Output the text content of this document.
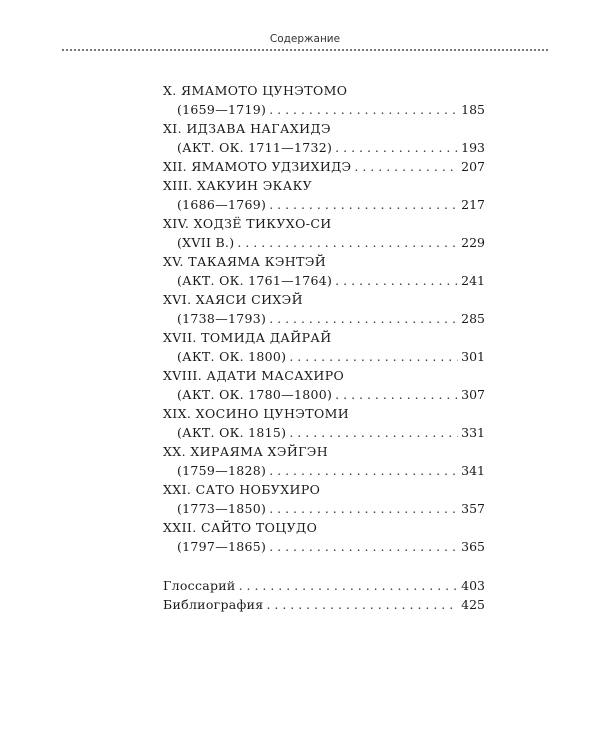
Содержание
X. ЯМАМОТО ЦУНЭТОМО
(1659—1719) . . .	185
XI. ИДЗАВА НАГАХИДЭ
(АКТ. ОК. 1711—1732) . . .	193
XII. ЯМАМОТО УДЗИХИДЭ . . .	207
XIII. ХАКУИН ЭКАКУ
(1686—1769) . . .	217
XIV. ХОДЗЁ ТИКУХО-СИ
(XVII В.) . . .	229
XV. ТАКАЯМА КЭНТЭЙ
(АКТ. ОК. 1761—1764) . . .	241
XVI. ХАЯСИ СИХЭЙ
(1738—1793) . . .	285
XVII. ТОМИДА ДАЙРАЙ
(АКТ. ОК. 1800) . . .	301
XVIII. АДАТИ МАСАХИРО
(АКТ. ОК. 1780—1800) . . .	307
XIX. ХОСИНО ЦУНЭТОМИ
(АКТ. ОК. 1815) . . .	331
XX. ХИРАЯМА ХЭЙГЭН
(1759—1828) . . .	341
XXI. САТО НОБУХИРО
(1773—1850) . . .	357
XXII. САЙТО ТОЦУДО
(1797—1865) . . .	365
Глоссарий . . .	403
Библиография . . .	425
